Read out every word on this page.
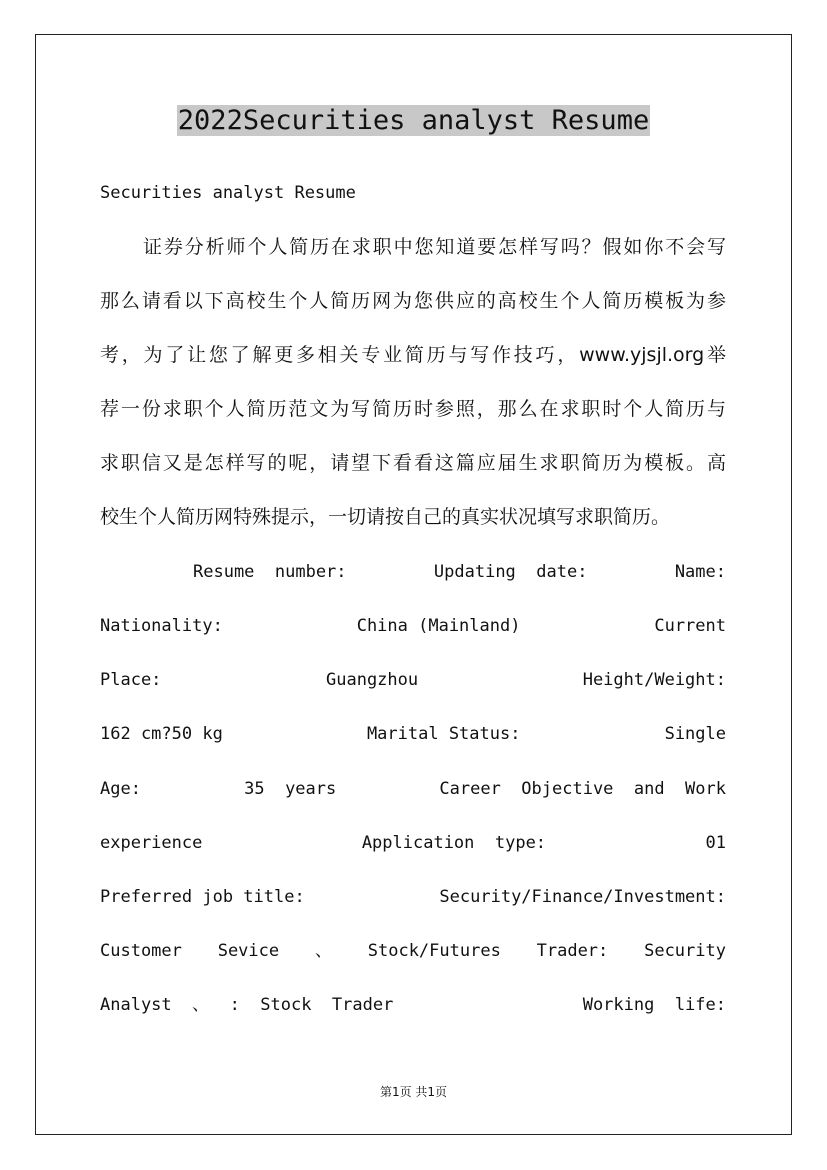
2022Securities analyst Resume
Securities analyst Resume
证券分析师个人简历在求职中您知道要怎样写吗？假如你不会写
那么请看以下高校生个人简历网为您供应的高校生个人简历模板为参
考，为了让您了解更多相关专业简历与写作技巧，www.yjsjl.org举
荐一份求职个人简历范文为写简历时参照，那么在求职时个人简历与
求职信又是怎样写的呢，请望下看看这篇应届生求职简历为模板。高
校生个人简历网特殊提示，一切请按自己的真实状况填写求职简历。
Resume  number:	Updating  date:	Name:
Nationality:	China (Mainland)	Current
Place:	Guangzhou	Height/Weight:
162 cm?50 kg	Marital Status:	Single
Age:	35  years	Career  Objective  and  Work
experience	Application  type:	01
Preferred job title:	Security/Finance/Investment:
Customer Sevice 、 Stock/Futures Trader: Security
Analyst  、  :  Stock  Trader	Working  life:
第1页 共1页
